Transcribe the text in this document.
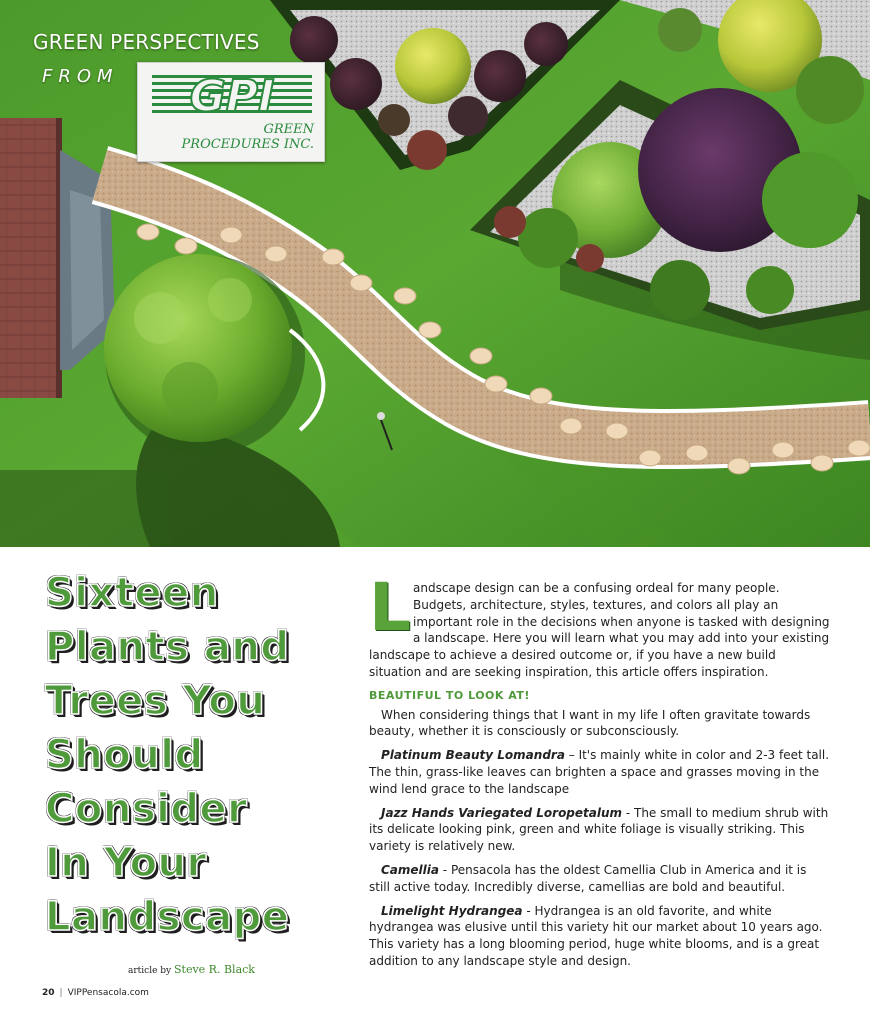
GREEN PERSPECTIVES
FROM GPI
GREEN
PROCEDURES INC.
Sixteen
Plants and
Trees You
Should
Consider
In Your
Landscape
article by Steve R. Black
20 | VIPPensacola.com

Landscape design can be a confusing ordeal for many people. Budgets, architecture, styles, textures, and colors all play an important role in the decisions when anyone is tasked with designing a landscape. Here you will learn what you may add into your existing landscape to achieve a desired outcome or, if you have a new build situation and are seeking inspiration, this article offers inspiration.

BEAUTIFUL TO LOOK AT!

When considering things that I want in my life I often gravitate towards beauty, whether it is consciously or subconsciously.

Platinum Beauty Lomandra – It's mainly white in color and 2-3 feet tall. The thin, grass-like leaves can brighten a space and grasses moving in the wind lend grace to the landscape

Jazz Hands Variegated Loropetalum - The small to medium shrub with its delicate looking pink, green and white foliage is visually striking. This variety is relatively new.

Camellia - Pensacola has the oldest Camellia Club in America and it is still active today. Incredibly diverse, camellias are bold and beautiful.

Limelight Hydrangea - Hydrangea is an old favorite, and white hydrangea was elusive until this variety hit our market about 10 years ago. This variety has a long blooming period, huge white blooms, and is a great addition to any landscape style and design.
